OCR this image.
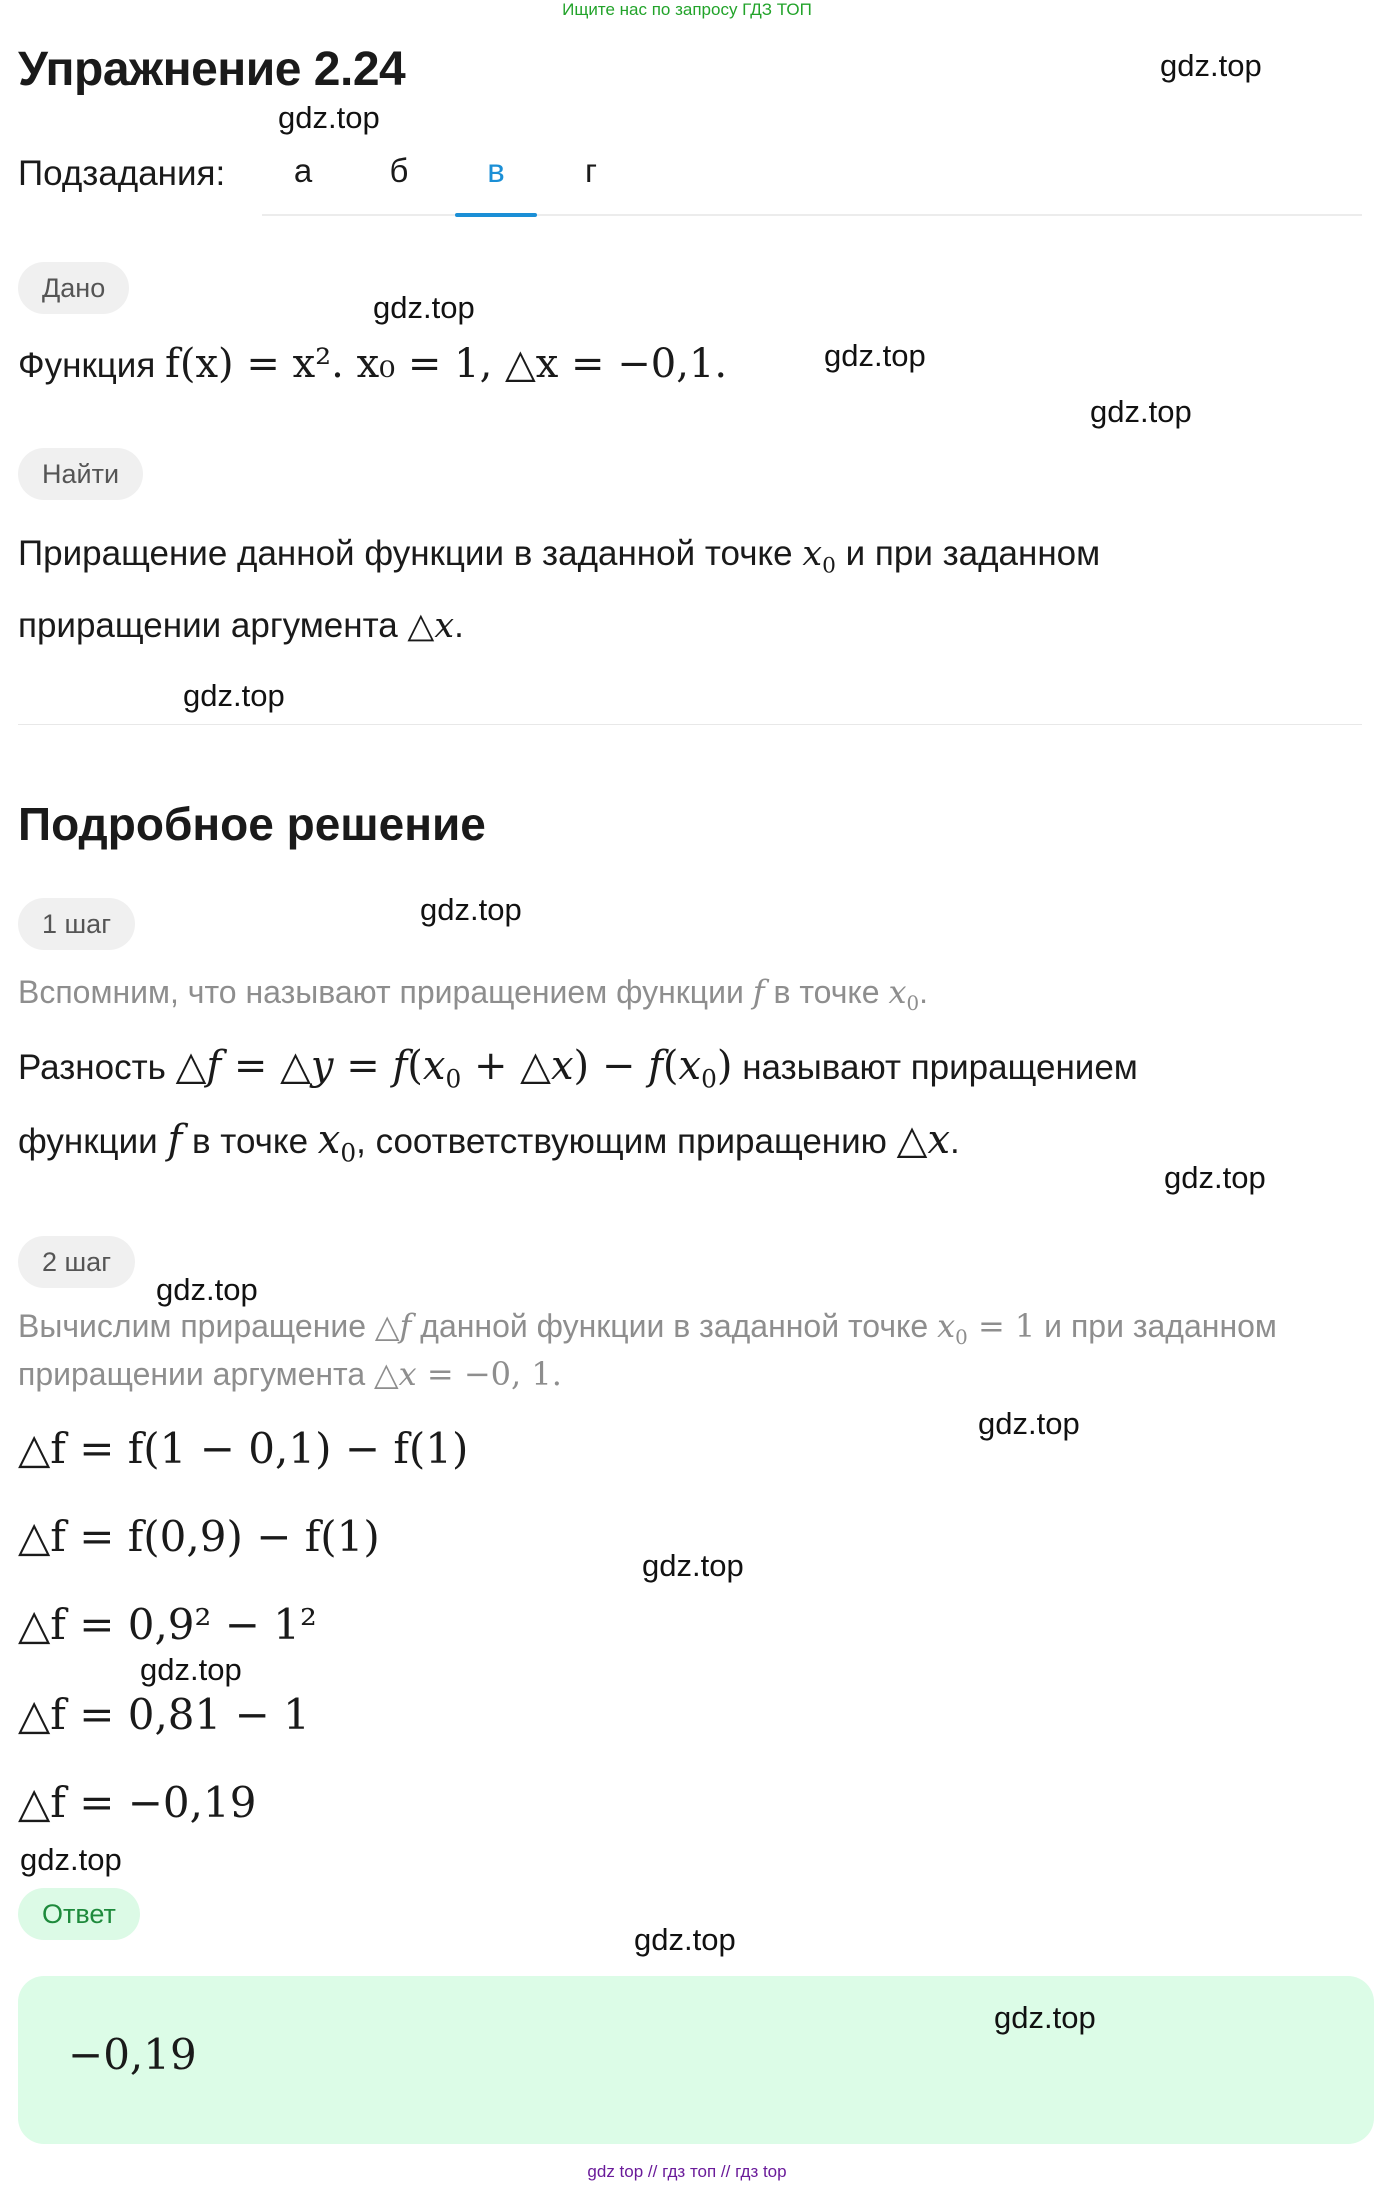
Ищите нас по запросу ГДЗ ТОП
Упражнение 2.24
Подзадания:	а	б	в	г
Дано
Функция f(x) = x². x₀ = 1, △x = −0,1.
Найти
Приращение данной функции в заданной точке $x_0$ и при заданном
приращении аргумента △x.
Подробное решение
1 шаг
Вспомним, что называют приращением функции f в точке $x_0$.
Разность △f = △y = $f(x_0$ + △x) − $f(x_0)$ называют приращением
функции f в точке $x_0$, соответствующим приращению △x.
2 шаг
Вычислим приращение △f данной функции в заданной точке $x_0 = 1$ и при заданном
приращении аргумента △x = −0, 1.
△f = f(1 − 0,1) − f(1)
△f = f(0,9) − f(1)
△f = 0,9² − 1²
△f = 0,81 − 1
△f = −0,19
Ответ
−0,19
gdz.top
gdz.top
gdz.top
gdz.top
gdz.top
gdz.top
gdz.top
gdz.top
gdz.top
gdz.top
gdz.top
gdz.top
gdz.top
gdz.top
gdz.top
gdz top // гдз топ // гдз top
